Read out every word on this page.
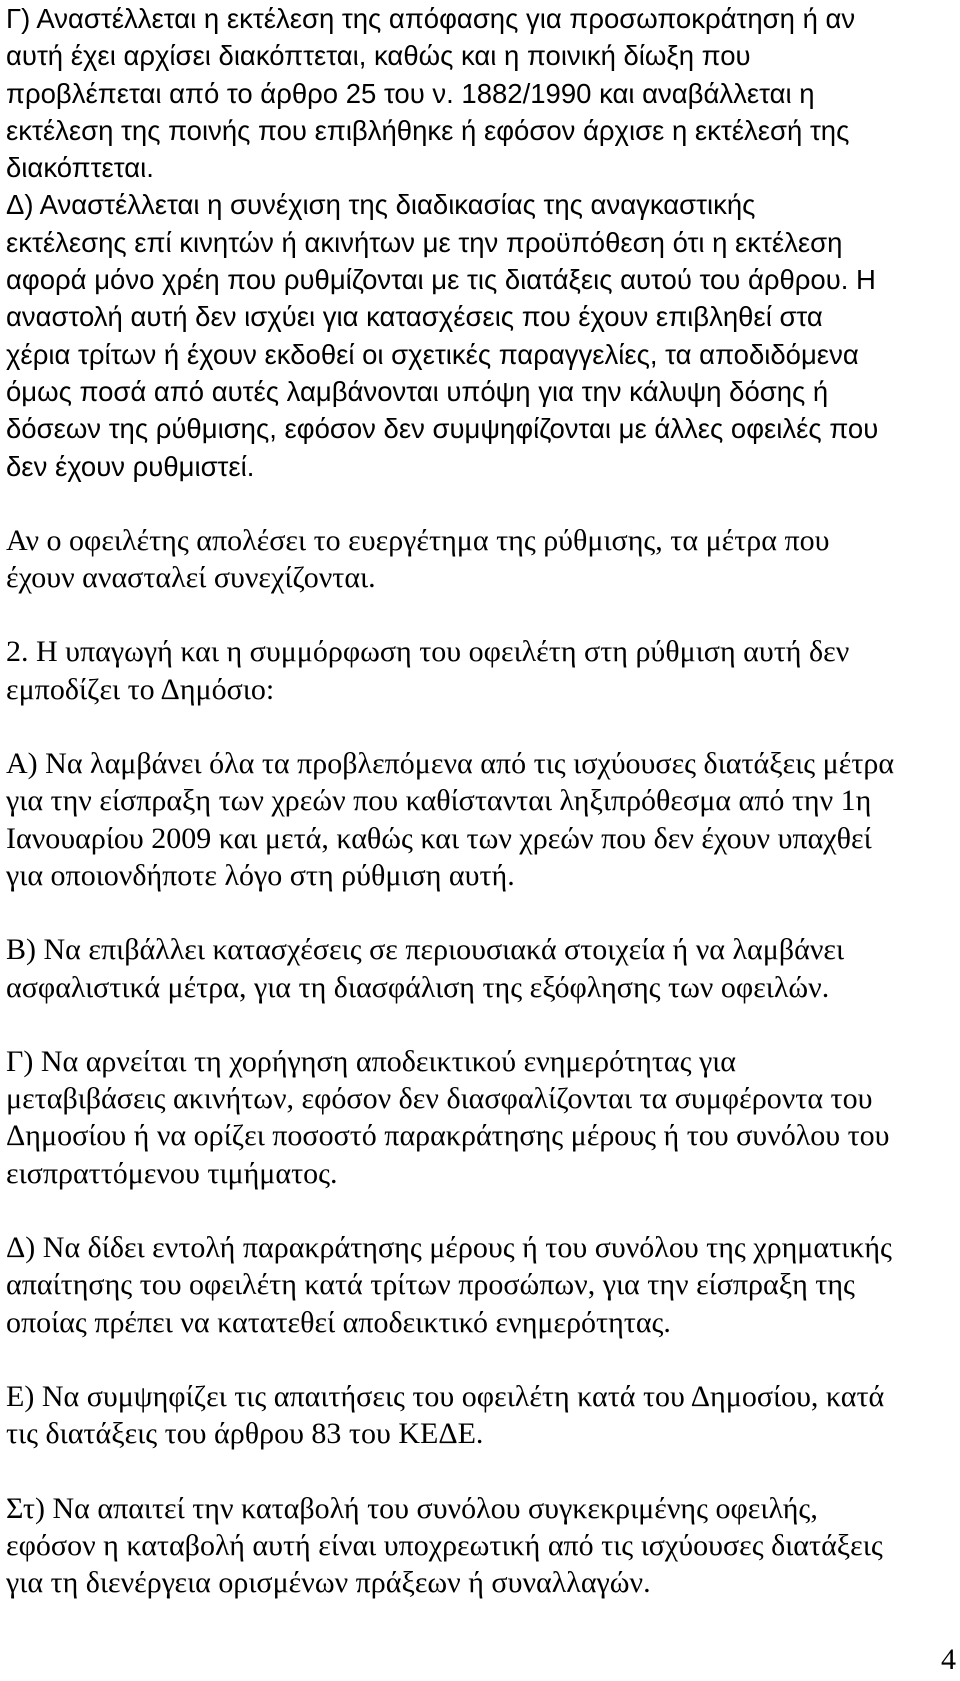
Γ) Αναστέλλεται η εκτέλεση της απόφασης για προσωποκράτηση ή αν
αυτή έχει αρχίσει διακόπτεται, καθώς και η ποινική δίωξη που
προβλέπεται από το άρθρο 25 του ν. 1882/1990 και αναβάλλεται η
εκτέλεση της ποινής που επιβλήθηκε ή εφόσον άρχισε η εκτέλεσή της
διακόπτεται.
Δ) Αναστέλλεται η συνέχιση της διαδικασίας της αναγκαστικής
εκτέλεσης επί κινητών ή ακινήτων με την προϋπόθεση ότι η εκτέλεση
αφορά μόνο χρέη που ρυθμίζονται με τις διατάξεις αυτού του άρθρου. Η
αναστολή αυτή δεν ισχύει για κατασχέσεις που έχουν επιβληθεί στα
χέρια τρίτων ή έχουν εκδοθεί οι σχετικές παραγγελίες, τα αποδιδόμενα
όμως ποσά από αυτές λαμβάνονται υπόψη για την κάλυψη δόσης ή
δόσεων της ρύθμισης, εφόσον δεν συμψηφίζονται με άλλες οφειλές που
δεν έχουν ρυθμιστεί.

Αν ο οφειλέτης απολέσει το ευεργέτημα της ρύθμισης, τα μέτρα που
έχουν ανασταλεί συνεχίζονται.

2. Η υπαγωγή και η συμμόρφωση του οφειλέτη στη ρύθμιση αυτή δεν
εμποδίζει το Δημόσιο:

Α) Να λαμβάνει όλα τα προβλεπόμενα από τις ισχύουσες διατάξεις μέτρα
για την είσπραξη των χρεών που καθίστανται ληξιπρόθεσμα από την 1η
Ιανουαρίου 2009 και μετά, καθώς και των χρεών που δεν έχουν υπαχθεί
για οποιονδήποτε λόγο στη ρύθμιση αυτή.

Β) Να επιβάλλει κατασχέσεις σε περιουσιακά στοιχεία ή να λαμβάνει
ασφαλιστικά μέτρα, για τη διασφάλιση της εξόφλησης των οφειλών.

Γ) Να αρνείται τη χορήγηση αποδεικτικού ενημερότητας για
μεταβιβάσεις ακινήτων, εφόσον δεν διασφαλίζονται τα συμφέροντα του
Δημοσίου ή να ορίζει ποσοστό παρακράτησης μέρους ή του συνόλου του
εισπραττόμενου τιμήματος.

Δ) Να δίδει εντολή παρακράτησης μέρους ή του συνόλου της χρηματικής
απαίτησης του οφειλέτη κατά τρίτων προσώπων, για την είσπραξη της
οποίας πρέπει να κατατεθεί αποδεικτικό ενημερότητας.

Ε) Να συμψηφίζει τις απαιτήσεις του οφειλέτη κατά του Δημοσίου, κατά
τις διατάξεις του άρθρου 83 του ΚΕΔΕ.

Στ) Να απαιτεί την καταβολή του συνόλου συγκεκριμένης οφειλής,
εφόσον η καταβολή αυτή είναι υποχρεωτική από τις ισχύουσες διατάξεις
για τη διενέργεια ορισμένων πράξεων ή συναλλαγών.

4
